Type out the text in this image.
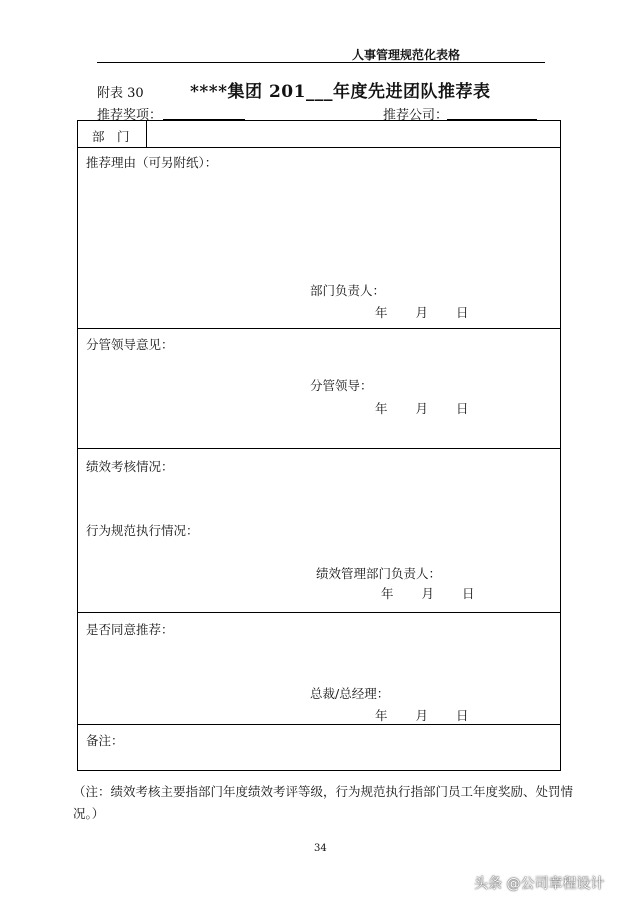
人事管理规范化表格
附表 30	****集团 201___年度先进团队推荐表
推荐奖项：	推荐公司：
部　门
推荐理由（可另附纸）：
部门负责人：
年 月 日
分管领导意见：
分管领导：
年 月 日
绩效考核情况：
行为规范执行情况：
绩效管理部门负责人：
年 月 日
是否同意推荐：
总裁/总经理：
年 月 日
备注：
（注：绩效考核主要指部门年度绩效考评等级，行为规范执行指部门员工年度奖励、处罚情况。）
34
头条 @公司章程设计
